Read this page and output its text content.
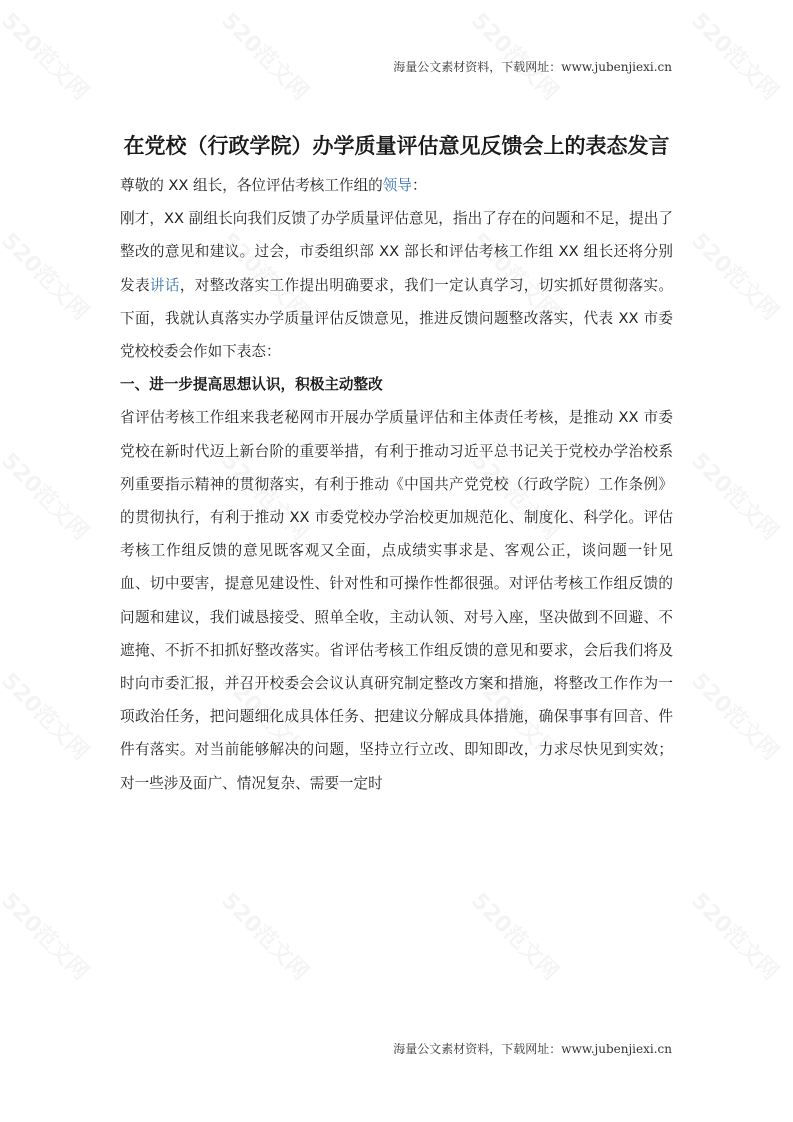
海量公文素材资料，下载网址：www.jubenjiexi.cn
在党校（行政学院）办学质量评估意见反馈会上的表态发言

尊敬的 XX 组长，各位评估考核工作组的领导：

刚才，XX 副组长向我们反馈了办学质量评估意见，指出了存在的问题和不足，提出了整改的意见和建议。过会，市委组织部 XX 部长和评估考核工作组 XX 组长还将分别发表讲话，对整改落实工作提出明确要求，我们一定认真学习，切实抓好贯彻落实。下面，我就认真落实办学质量评估反馈意见，推进反馈问题整改落实，代表 XX 市委党校校委会作如下表态：

一、进一步提高思想认识，积极主动整改

省评估考核工作组来我老秘网市开展办学质量评估和主体责任考核，是推动 XX 市委党校在新时代迈上新台阶的重要举措，有利于推动习近平总书记关于党校办学治校系列重要指示精神的贯彻落实，有利于推动《中国共产党党校（行政学院）工作条例》的贯彻执行，有利于推动 XX 市委党校办学治校更加规范化、制度化、科学化。评估考核工作组反馈的意见既客观又全面，点成绩实事求是、客观公正，谈问题一针见血、切中要害，提意见建设性、针对性和可操作性都很强。对评估考核工作组反馈的问题和建议，我们诚恳接受、照单全收，主动认领、对号入座，坚决做到不回避、不遮掩、不折不扣抓好整改落实。省评估考核工作组反馈的意见和要求，会后我们将及时向市委汇报，并召开校委会会议认真研究制定整改方案和措施，将整改工作作为一项政治任务，把问题细化成具体任务、把建议分解成具体措施，确保事事有回音、件件有落实。对当前能够解决的问题，坚持立行立改、即知即改，力求尽快见到实效；对一些涉及面广、情况复杂、需要一定时

海量公文素材资料，下载网址：www.jubenjiexi.cn
